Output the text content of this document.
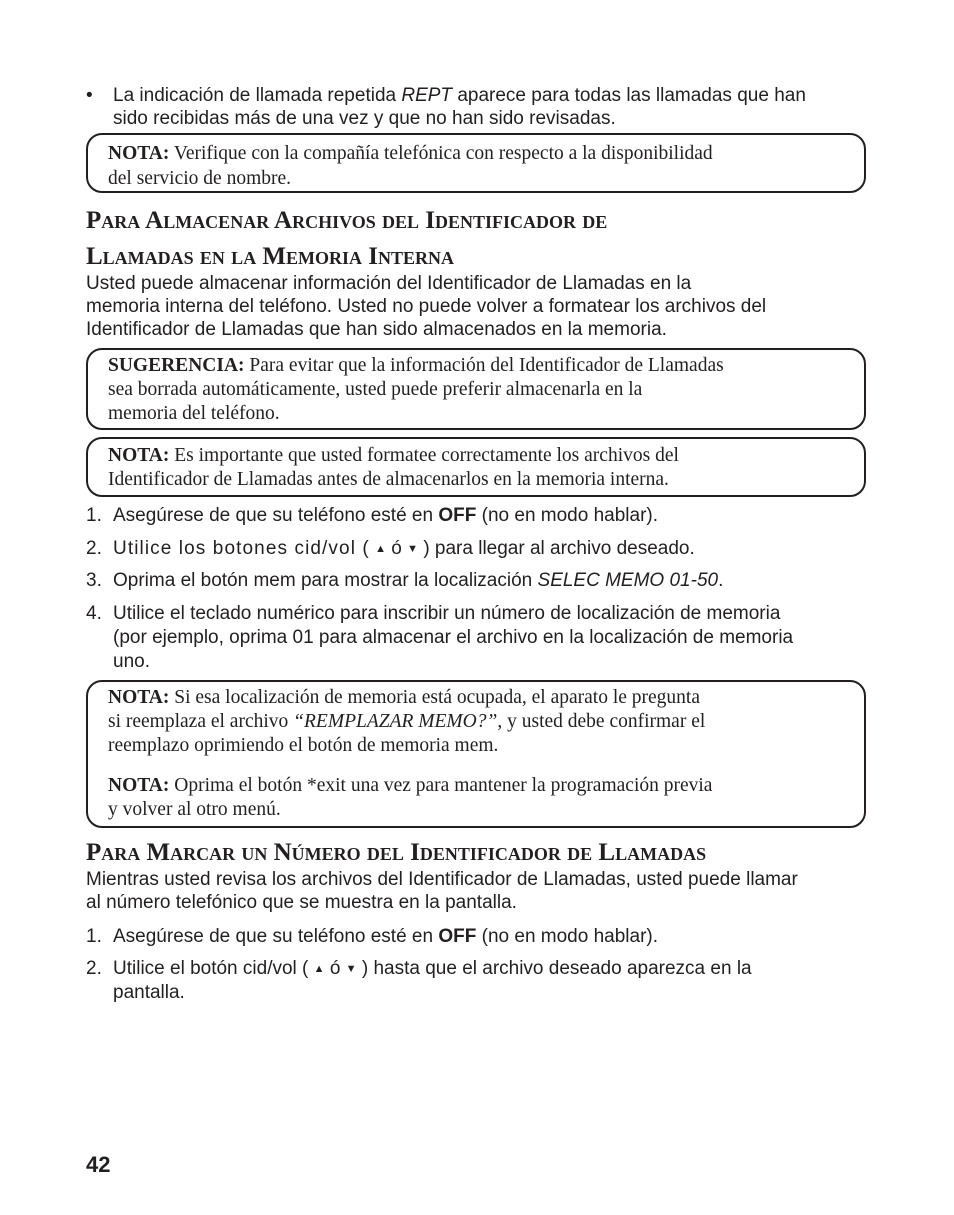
• La indicación de llamada repetida REPT aparece para todas las llamadas que han
sido recibidas más de una vez y que no han sido revisadas.
NOTA: Verifique con la compañía telefónica con respecto a la disponibilidad
del servicio de nombre.
Para Almacenar Archivos del Identificador de
Llamadas en la Memoria Interna
Usted puede almacenar información del Identificador de Llamadas en la
memoria interna del teléfono. Usted no puede volver a formatear los archivos del
Identificador de Llamadas que han sido almacenados en la memoria.
SUGERENCIA: Para evitar que la información del Identificador de Llamadas
sea borrada automáticamente, usted puede preferir almacenarla en la
memoria del teléfono.
NOTA: Es importante que usted formatee correctamente los archivos del
Identificador de Llamadas antes de almacenarlos en la memoria interna.
1. Asegúrese de que su teléfono esté en OFF (no en modo hablar).
2. Utilice los botones cid/vol ( ▲ ó ▼ ) para llegar al archivo deseado.
3. Oprima el botón mem para mostrar la localización SELEC MEMO 01-50.
4. Utilice el teclado numérico para inscribir un número de localización de memoria
(por ejemplo, oprima 01 para almacenar el archivo en la localización de memoria
uno.
NOTA: Si esa localización de memoria está ocupada, el aparato le pregunta
si reemplaza el archivo “REMPLAZAR MEMO?”, y usted debe confirmar el
reemplazo oprimiendo el botón de memoria mem.
NOTA: Oprima el botón *exit una vez para mantener la programación previa
y volver al otro menú.
Para Marcar un Número del Identificador de Llamadas
Mientras usted revisa los archivos del Identificador de Llamadas, usted puede llamar
al número telefónico que se muestra en la pantalla.
1. Asegúrese de que su teléfono esté en OFF (no en modo hablar).
2. Utilice el botón cid/vol ( ▲ ó ▼ ) hasta que el archivo deseado aparezca en la
pantalla.
42
